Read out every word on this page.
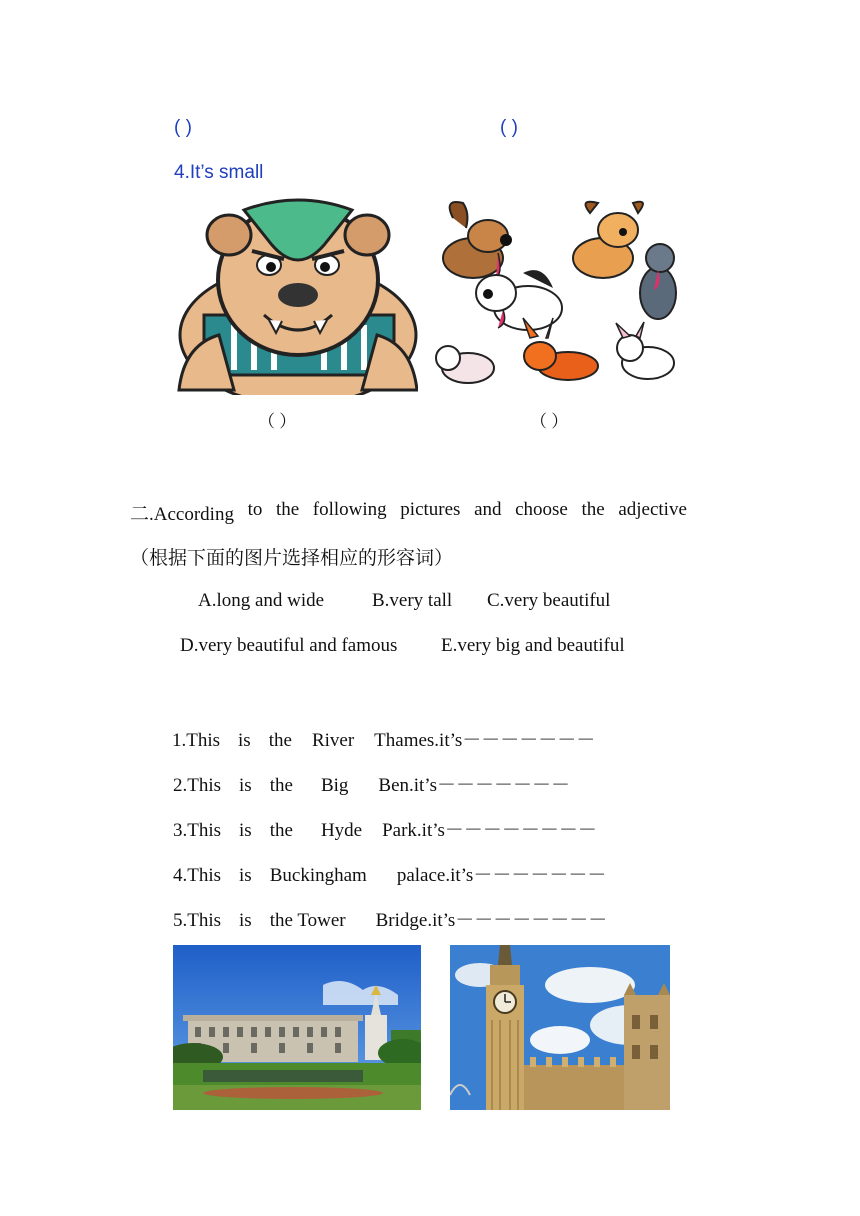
( )	( )
4.It’s small
（ ）	（ ）
二.According to the following pictures and choose the adjective
（根据下面的图片选择相应的形容词）
A.long and wide	B.very tall C.very beautiful
D.very beautiful and famous E.very big and beautiful
1.This is the River Thames.it’s－－－－－－－
2.This is the Big Ben.it’s－－－－－－－
3.This is the Hyde Park.it’s－－－－－－－－
4.This is Buckingham palace.it’s－－－－－－－
5.This is the Tower Bridge.it’s－－－－－－－－
